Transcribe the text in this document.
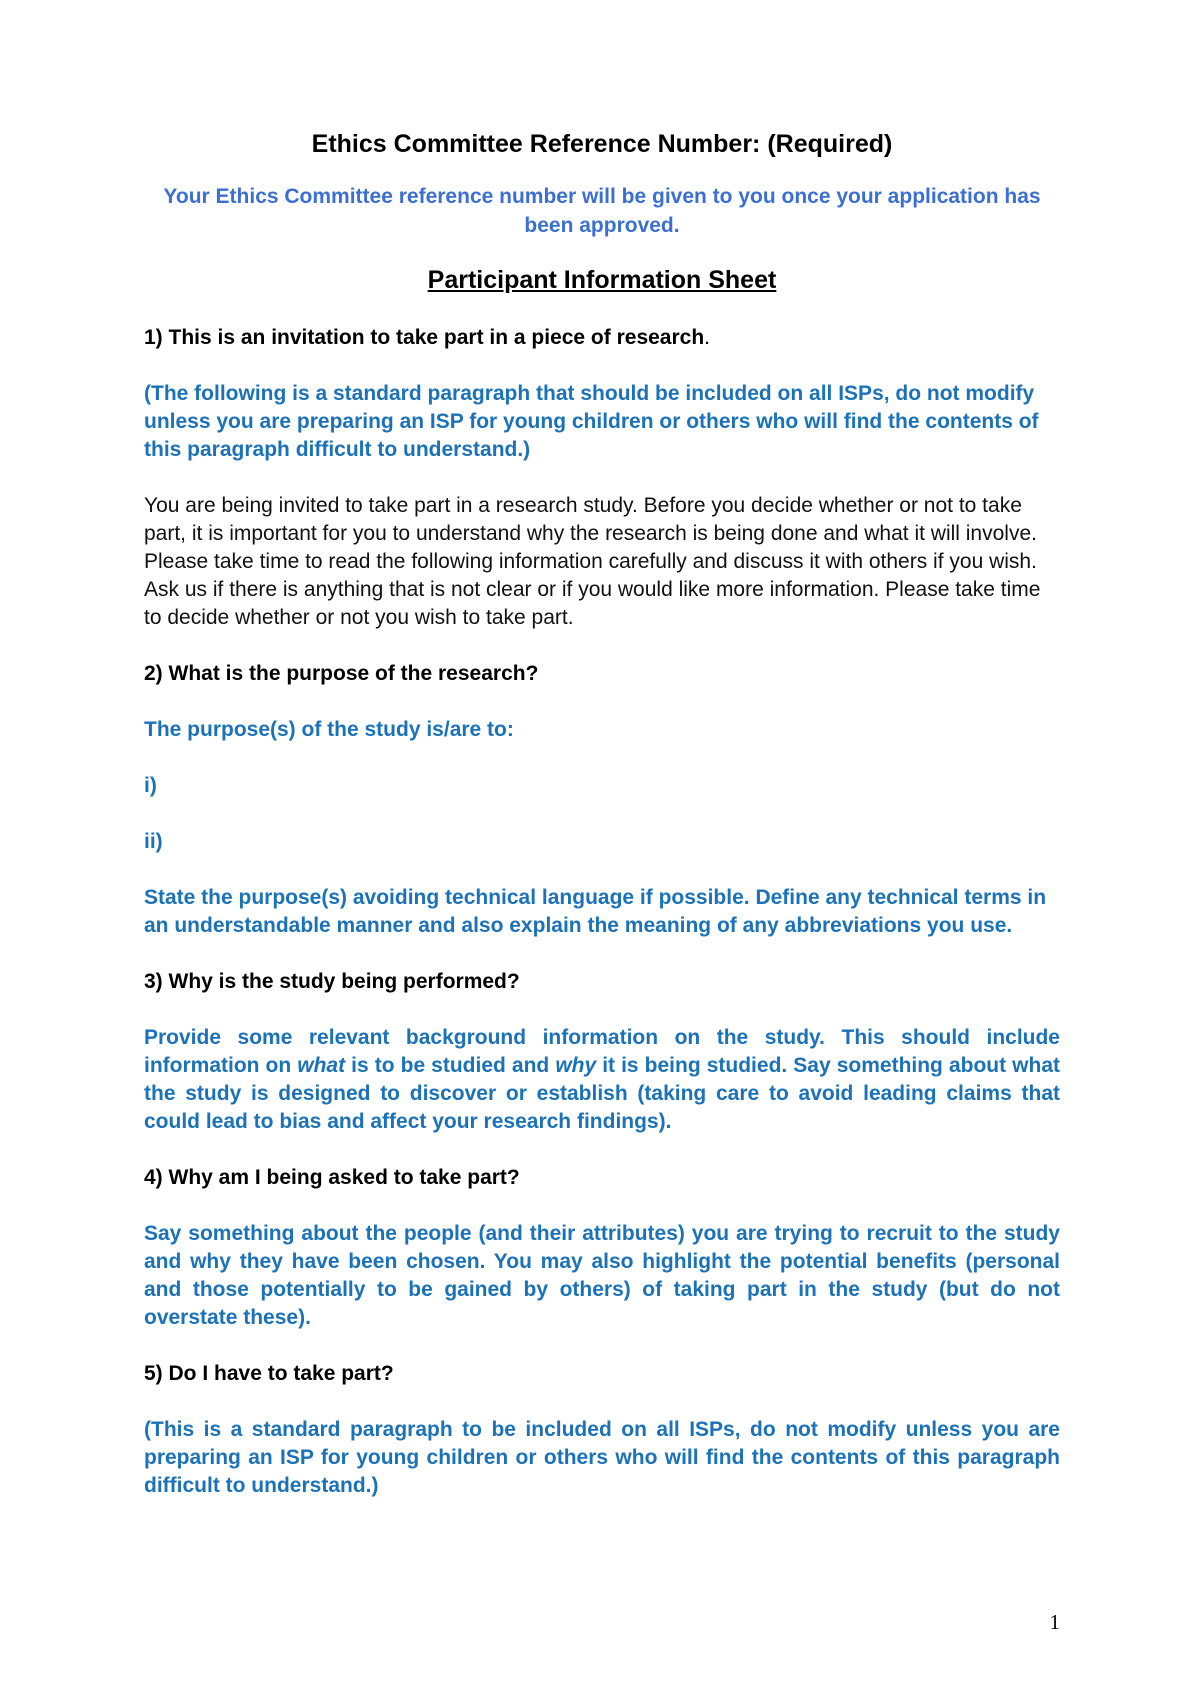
Ethics Committee Reference Number: (Required)

Your Ethics Committee reference number will be given to you once your application has been approved.

Participant Information Sheet

1) This is an invitation to take part in a piece of research.

(The following is a standard paragraph that should be included on all ISPs, do not modify unless you are preparing an ISP for young children or others who will find the contents of this paragraph difficult to understand.)

You are being invited to take part in a research study. Before you decide whether or not to take part, it is important for you to understand why the research is being done and what it will involve. Please take time to read the following information carefully and discuss it with others if you wish. Ask us if there is anything that is not clear or if you would like more information. Please take time to decide whether or not you wish to take part.

2) What is the purpose of the research?

The purpose(s) of the study is/are to:

i)

ii)

State the purpose(s) avoiding technical language if possible. Define any technical terms in an understandable manner and also explain the meaning of any abbreviations you use.

3) Why is the study being performed?

Provide some relevant background information on the study. This should include information on what is to be studied and why it is being studied. Say something about what the study is designed to discover or establish (taking care to avoid leading claims that could lead to bias and affect your research findings).

4) Why am I being asked to take part?

Say something about the people (and their attributes) you are trying to recruit to the study and why they have been chosen. You may also highlight the potential benefits (personal and those potentially to be gained by others) of taking part in the study (but do not overstate these).

5) Do I have to take part?

(This is a standard paragraph to be included on all ISPs, do not modify unless you are preparing an ISP for young children or others who will find the contents of this paragraph difficult to understand.)

1
